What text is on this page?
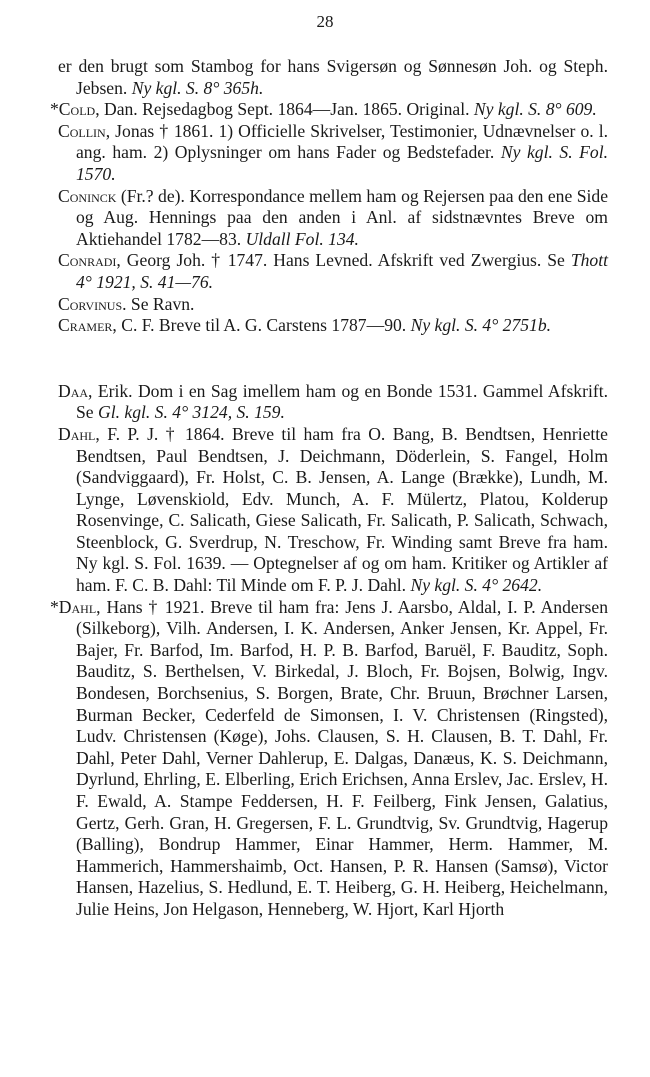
28

er den brugt som Stambog for hans Svigersøn og Sønnesøn Joh. og Steph. Jebsen. Ny kgl. S. 8° 365h.

*Cold, Dan. Rejsedagbog Sept. 1864—Jan. 1865. Original. Ny kgl. S. 8° 609.

Collin, Jonas † 1861. 1) Officielle Skrivelser, Testimonier, Udnævnelser o. l. ang. ham. 2) Oplysninger om hans Fader og Bedstefader. Ny kgl. S. Fol. 1570.

Coninck (Fr.? de). Korrespondance mellem ham og Rejersen paa den ene Side og Aug. Hennings paa den anden i Anl. af sidstnævntes Breve om Aktiehandel 1782—83. Uldall Fol. 134.

Conradi, Georg Joh. † 1747. Hans Levned. Afskrift ved Zwergius. Se Thott 4° 1921, S. 41—76.

Corvinus. Se Ravn.

Cramer, C. F. Breve til A. G. Carstens 1787—90. Ny kgl. S. 4° 2751b.

Daa, Erik. Dom i en Sag imellem ham og en Bonde 1531. Gammel Afskrift. Se Gl. kgl. S. 4° 3124, S. 159.

Dahl, F. P. J. † 1864. Breve til ham fra O. Bang, B. Bendtsen, Henriette Bendtsen, Paul Bendtsen, J. Deichmann, Döderlein, S. Fangel, Holm (Sandviggaard), Fr. Holst, C. B. Jensen, A. Lange (Brække), Lundh, M. Lynge, Løvenskiold, Edv. Munch, A. F. Mülertz, Platou, Kolderup Rosenvinge, C. Salicath, Giese Salicath, Fr. Salicath, P. Salicath, Schwach, Steenblock, G. Sverdrup, N. Treschow, Fr. Winding samt Breve fra ham. Ny kgl. S. Fol. 1639. — Optegnelser af og om ham. Kritiker og Artikler af ham. F. C. B. Dahl: Til Minde om F. P. J. Dahl. Ny kgl. S. 4° 2642.

*Dahl, Hans † 1921. Breve til ham fra: Jens J. Aarsbo, Aldal, I. P. Andersen (Silkeborg), Vilh. Andersen, I. K. Andersen, Anker Jensen, Kr. Appel, Fr. Bajer, Fr. Barfod, Im. Barfod, H. P. B. Barfod, Baruël, F. Bauditz, Soph. Bauditz, S. Berthelsen, V. Birkedal, J. Bloch, Fr. Bojsen, Bolwig, Ingv. Bondesen, Borchsenius, S. Borgen, Brate, Chr. Bruun, Brøchner Larsen, Burman Becker, Cederfeld de Simonsen, I. V. Christensen (Ringsted), Ludv. Christensen (Køge), Johs. Clausen, S. H. Clausen, B. T. Dahl, Fr. Dahl, Peter Dahl, Verner Dahlerup, E. Dalgas, Danæus, K. S. Deichmann, Dyrlund, Ehrling, E. Elberling, Erich Erichsen, Anna Erslev, Jac. Erslev, H. F. Ewald, A. Stampe Feddersen, H. F. Feilberg, Fink Jensen, Galatius, Gertz, Gerh. Gran, H. Gregersen, F. L. Grundtvig, Sv. Grundtvig, Hagerup (Balling), Bondrup Hammer, Einar Hammer, Herm. Hammer, M. Hammerich, Hammershaimb, Oct. Hansen, P. R. Hansen (Samsø), Victor Hansen, Hazelius, S. Hedlund, E. T. Heiberg, G. H. Heiberg, Heichelmann, Julie Heins, Jon Helgason, Henneberg, W. Hjort, Karl Hjorth
